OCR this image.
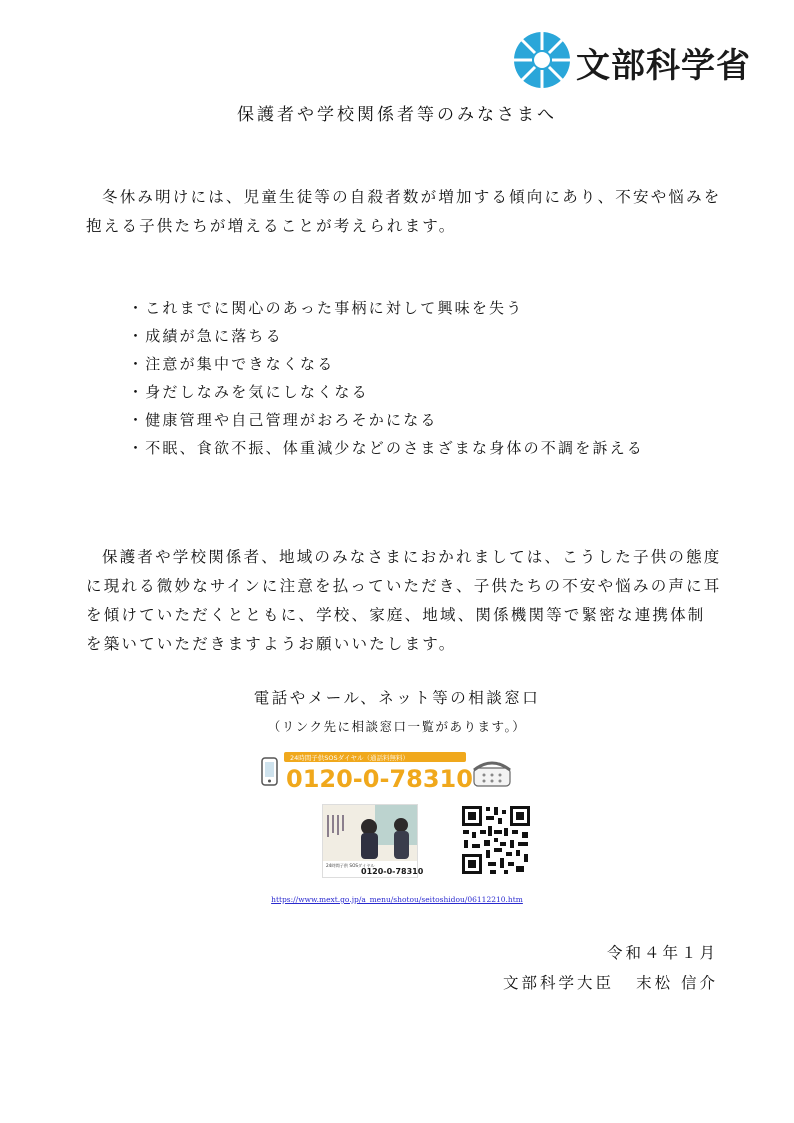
文部科学省
保護者や学校関係者等のみなさまへ

冬休み明けには、児童生徒等の自殺者数が増加する傾向にあり、不安や悩みを抱える子供たちが増えることが考えられます。

・これまでに関心のあった事柄に対して興味を失う
・成績が急に落ちる
・注意が集中できなくなる
・身だしなみを気にしなくなる
・健康管理や自己管理がおろそかになる
・不眠、食欲不振、体重減少などのさまざまな身体の不調を訴える

保護者や学校関係者、地域のみなさまにおかれましては、こうした子供の態度に現れる微妙なサインに注意を払っていただき、子供たちの不安や悩みの声に耳を傾けていただくとともに、学校、家庭、地域、関係機関等で緊密な連携体制を築いていただきますようお願いいたします。

電話やメール、ネット等の相談窓口
（リンク先に相談窓口一覧があります。）
24時間子供SOSダイヤル（通話料無料）
0120-0-78310
24時間子供 SOSダイヤル
0120-0-78310
https://www.mext.go.jp/a_menu/shotou/seitoshidou/06112210.htm
令和４年１月
文部科学大臣 末松 信介
